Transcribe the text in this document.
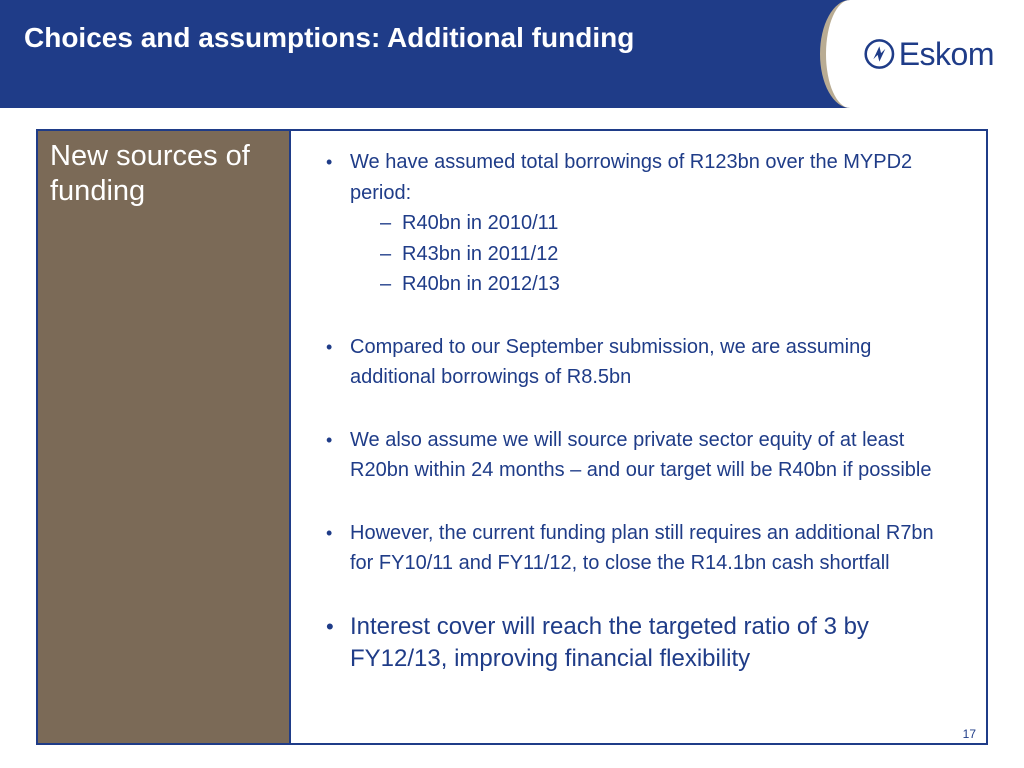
Choices and assumptions: Additional funding	Eskom
New sources of funding
• We have assumed total borrowings of R123bn over the MYPD2 period:
– R40bn in 2010/11
– R43bn in 2011/12
– R40bn in 2012/13
• Compared to our September submission, we are assuming additional borrowings of R8.5bn
• We also assume we will source private sector equity of at least R20bn within 24 months – and our target will be R40bn if possible
• However, the current funding plan still requires an additional R7bn for FY10/11 and FY11/12, to close the R14.1bn cash shortfall
• Interest cover will reach the targeted ratio of 3 by FY12/13, improving financial flexibility
17
